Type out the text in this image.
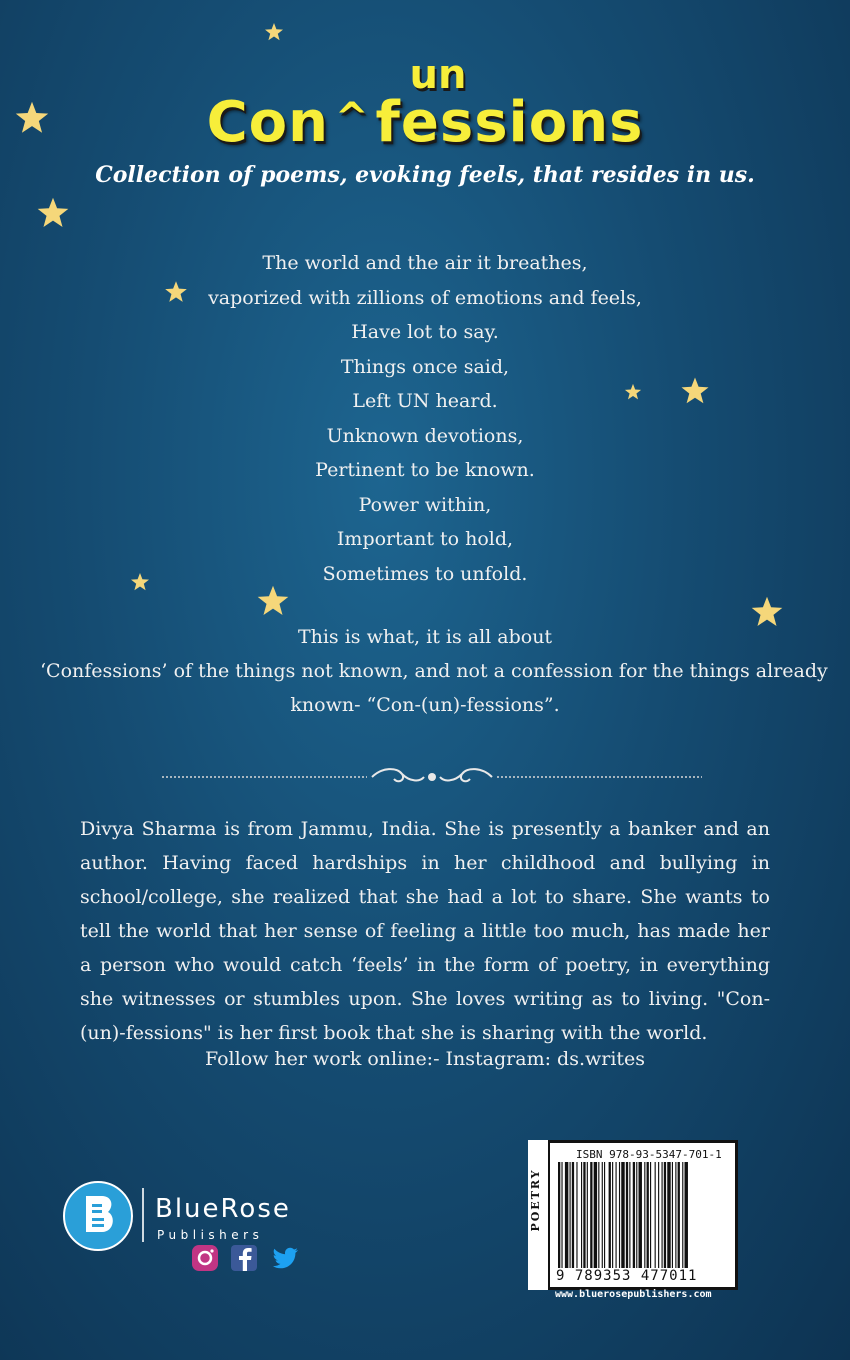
un
Con ^ fessions
Collection of poems, evoking feels, that resides in us.
The world and the air it breathes,
vaporized with zillions of emotions and feels,
Have lot to say.
Things once said,
Left UN heard.
Unknown devotions,
Pertinent to be known.
Power within,
Important to hold,
Sometimes to unfold.
This is what, it is all about
‘Confessions’ of the things not known, and not a confession for the things already
known- “Con-(un)-fessions”.
Divya Sharma is from Jammu, India. She is presently a banker and an author. Having faced hardships in her childhood and bullying in school/college, she realized that she had a lot to share. She wants to tell the world that her sense of feeling a little too much, has made her a person who would catch ‘feels’ in the form of poetry, in everything she witnesses or stumbles upon. She loves writing as to living. "Con-(un)-fessions" is her first book that she is sharing with the world.
Follow her work online:- Instagram: ds.writes
BlueRose
Publishers
POETRY
ISBN 978-93-5347-701-1
9 789353 477011
www.bluerosepublishers.com
